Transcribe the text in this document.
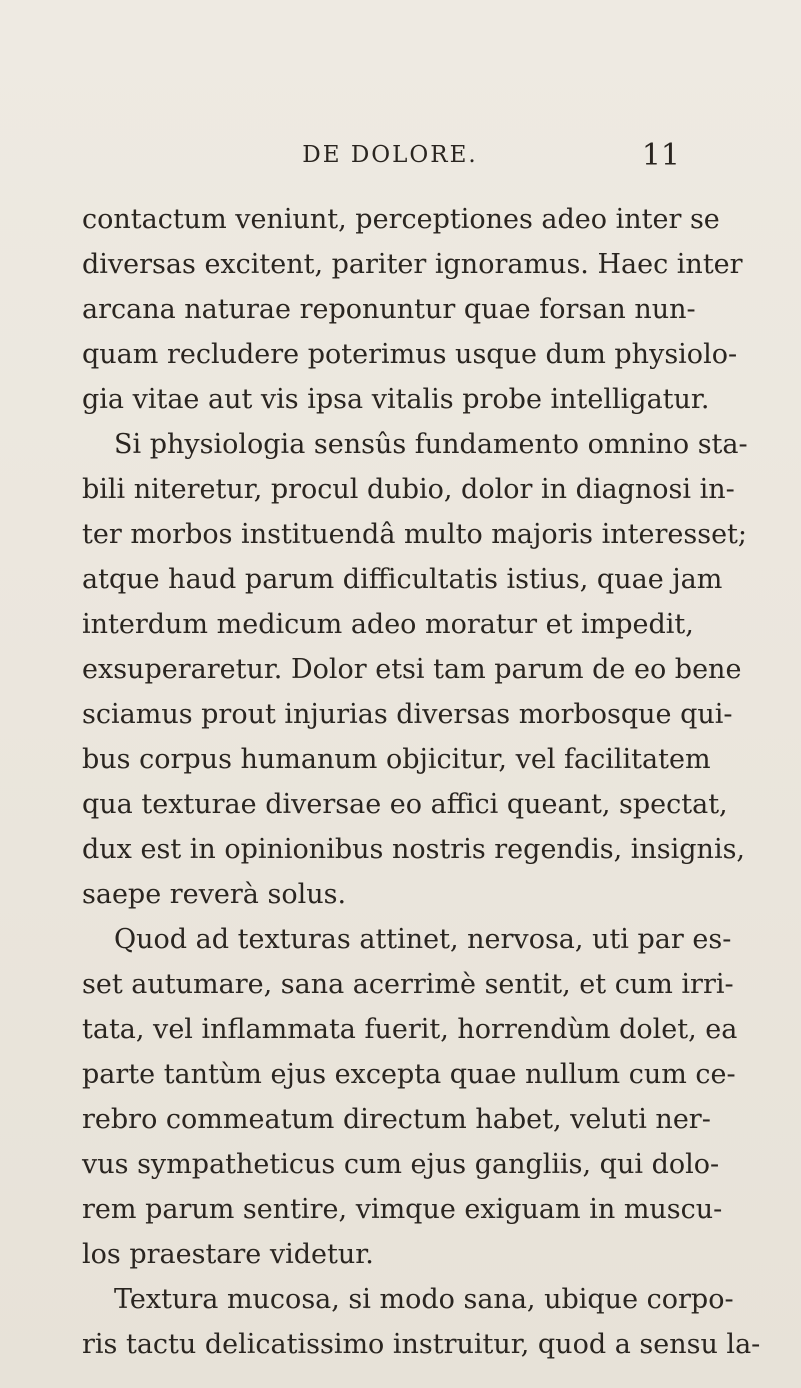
DE DOLORE.	11
contactum veniunt, perceptiones adeo inter se
diversas excitent, pariter ignoramus. Haec inter
arcana naturae reponuntur quae forsan nun-
quam recludere poterimus usque dum physiolo-
gia vitae aut vis ipsa vitalis probe intelligatur.
Si physiologia sensûs fundamento omnino sta-
bili niteretur, procul dubio, dolor in diagnosi in-
ter morbos instituendâ multo majoris interesset;
atque haud parum difficultatis istius, quae jam
interdum medicum adeo moratur et impedit,
exsuperaretur. Dolor etsi tam parum de eo bene
sciamus prout injurias diversas morbosque qui-
bus corpus humanum objicitur, vel facilitatem
qua texturae diversae eo affici queant, spectat,
dux est in opinionibus nostris regendis, insignis,
saepe reverà solus.
Quod ad texturas attinet, nervosa, uti par es-
set autumare, sana acerrimè sentit, et cum irri-
tata, vel inflammata fuerit, horrendùm dolet, ea
parte tantùm ejus excepta quae nullum cum ce-
rebro commeatum directum habet, veluti ner-
vus sympatheticus cum ejus gangliis, qui dolo-
rem parum sentire, vimque exiguam in muscu-
los praestare videtur.
Textura mucosa, si modo sana, ubique corpo-
ris tactu delicatissimo instruitur, quod a sensu la-
